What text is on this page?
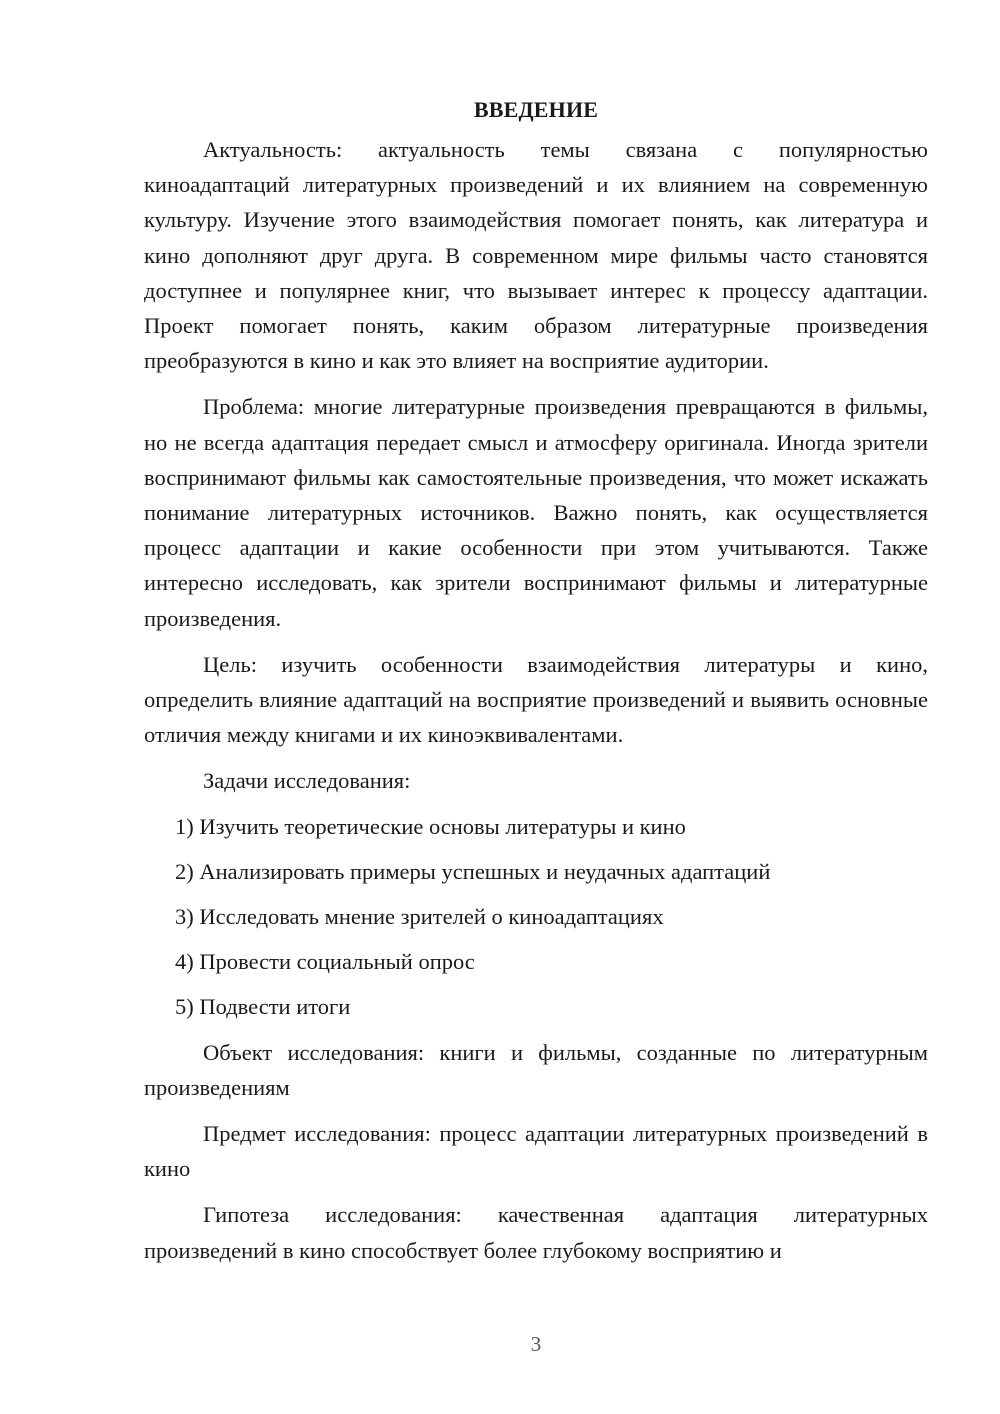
ВВЕДЕНИЕ

Актуальность: актуальность темы связана с популярностью киноадаптаций литературных произведений и их влиянием на современную культуру. Изучение этого взаимодействия помогает понять, как литература и кино дополняют друг друга. В современном мире фильмы часто становятся доступнее и популярнее книг, что вызывает интерес к процессу адаптации. Проект помогает понять, каким образом литературные произведения преобразуются в кино и как это влияет на восприятие аудитории.

Проблема: многие литературные произведения превращаются в фильмы, но не всегда адаптация передает смысл и атмосферу оригинала. Иногда зрители воспринимают фильмы как самостоятельные произведения, что может искажать понимание литературных источников. Важно понять, как осуществляется процесс адаптации и какие особенности при этом учитываются. Также интересно исследовать, как зрители воспринимают фильмы и литературные произведения.

Цель: изучить особенности взаимодействия литературы и кино, определить влияние адаптаций на восприятие произведений и выявить основные отличия между книгами и их киноэквивалентами.

Задачи исследования:

1) Изучить теоретические основы литературы и кино
2) Анализировать примеры успешных и неудачных адаптаций
3) Исследовать мнение зрителей о киноадаптациях
4) Провести социальный опрос
5) Подвести итоги

Объект исследования: книги и фильмы, созданные по литературным произведениям

Предмет исследования: процесс адаптации литературных произведений в кино

Гипотеза исследования: качественная адаптация литературных произведений в кино способствует более глубокому восприятию и

3
